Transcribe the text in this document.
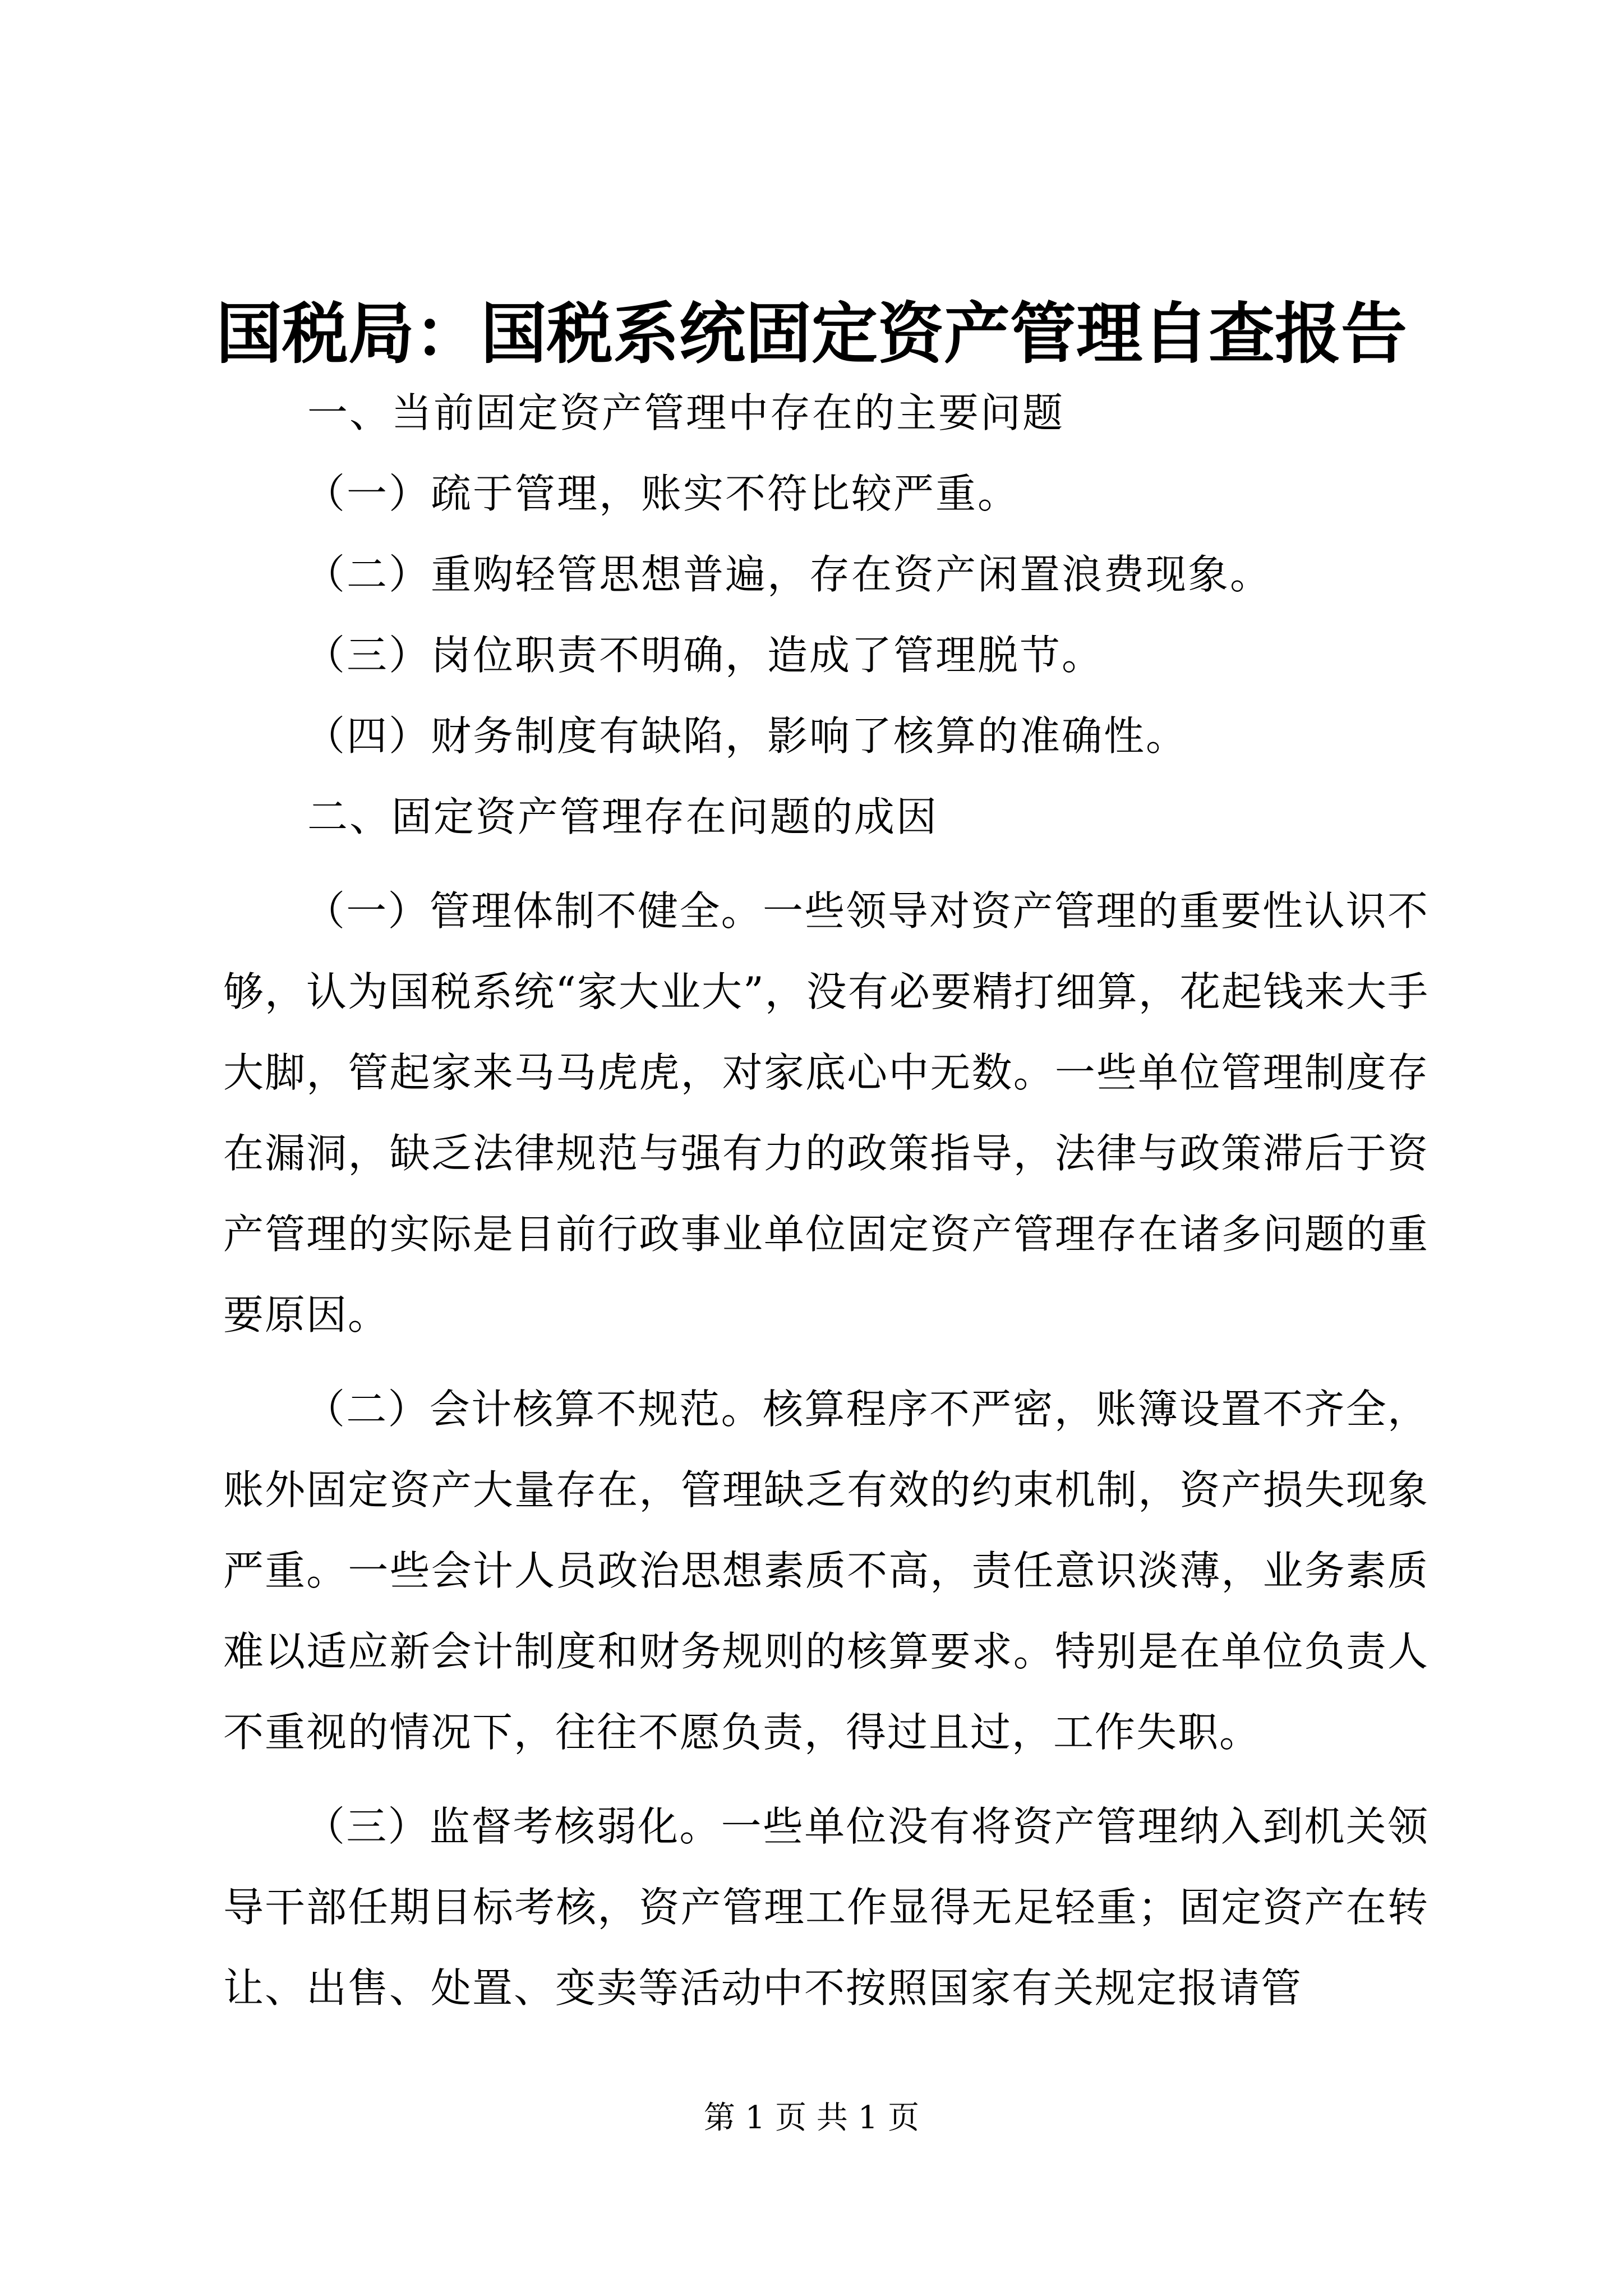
国税局：国税系统固定资产管理自查报告
一、当前固定资产管理中存在的主要问题
（一）疏于管理，账实不符比较严重。
（二）重购轻管思想普遍，存在资产闲置浪费现象。
（三）岗位职责不明确，造成了管理脱节。
（四）财务制度有缺陷，影响了核算的准确性。
二、固定资产管理存在问题的成因

（一）管理体制不健全。一些领导对资产管理的重要性认识不够，认为国税系统“家大业大”，没有必要精打细算，花起钱来大手大脚，管起家来马马虎虎，对家底心中无数。一些单位管理制度存在漏洞，缺乏法律规范与强有力的政策指导，法律与政策滞后于资产管理的实际是目前行政事业单位固定资产管理存在诸多问题的重要原因。

（二）会计核算不规范。核算程序不严密，账簿设置不齐全，账外固定资产大量存在，管理缺乏有效的约束机制，资产损失现象严重。一些会计人员政治思想素质不高，责任意识淡薄，业务素质难以适应新会计制度和财务规则的核算要求。特别是在单位负责人不重视的情况下，往往不愿负责，得过且过，工作失职。

（三）监督考核弱化。一些单位没有将资产管理纳入到机关领导干部任期目标考核，资产管理工作显得无足轻重；固定资产在转让、出售、处置、变卖等活动中不按照国家有关规定报请管

第 1 页 共 1 页
